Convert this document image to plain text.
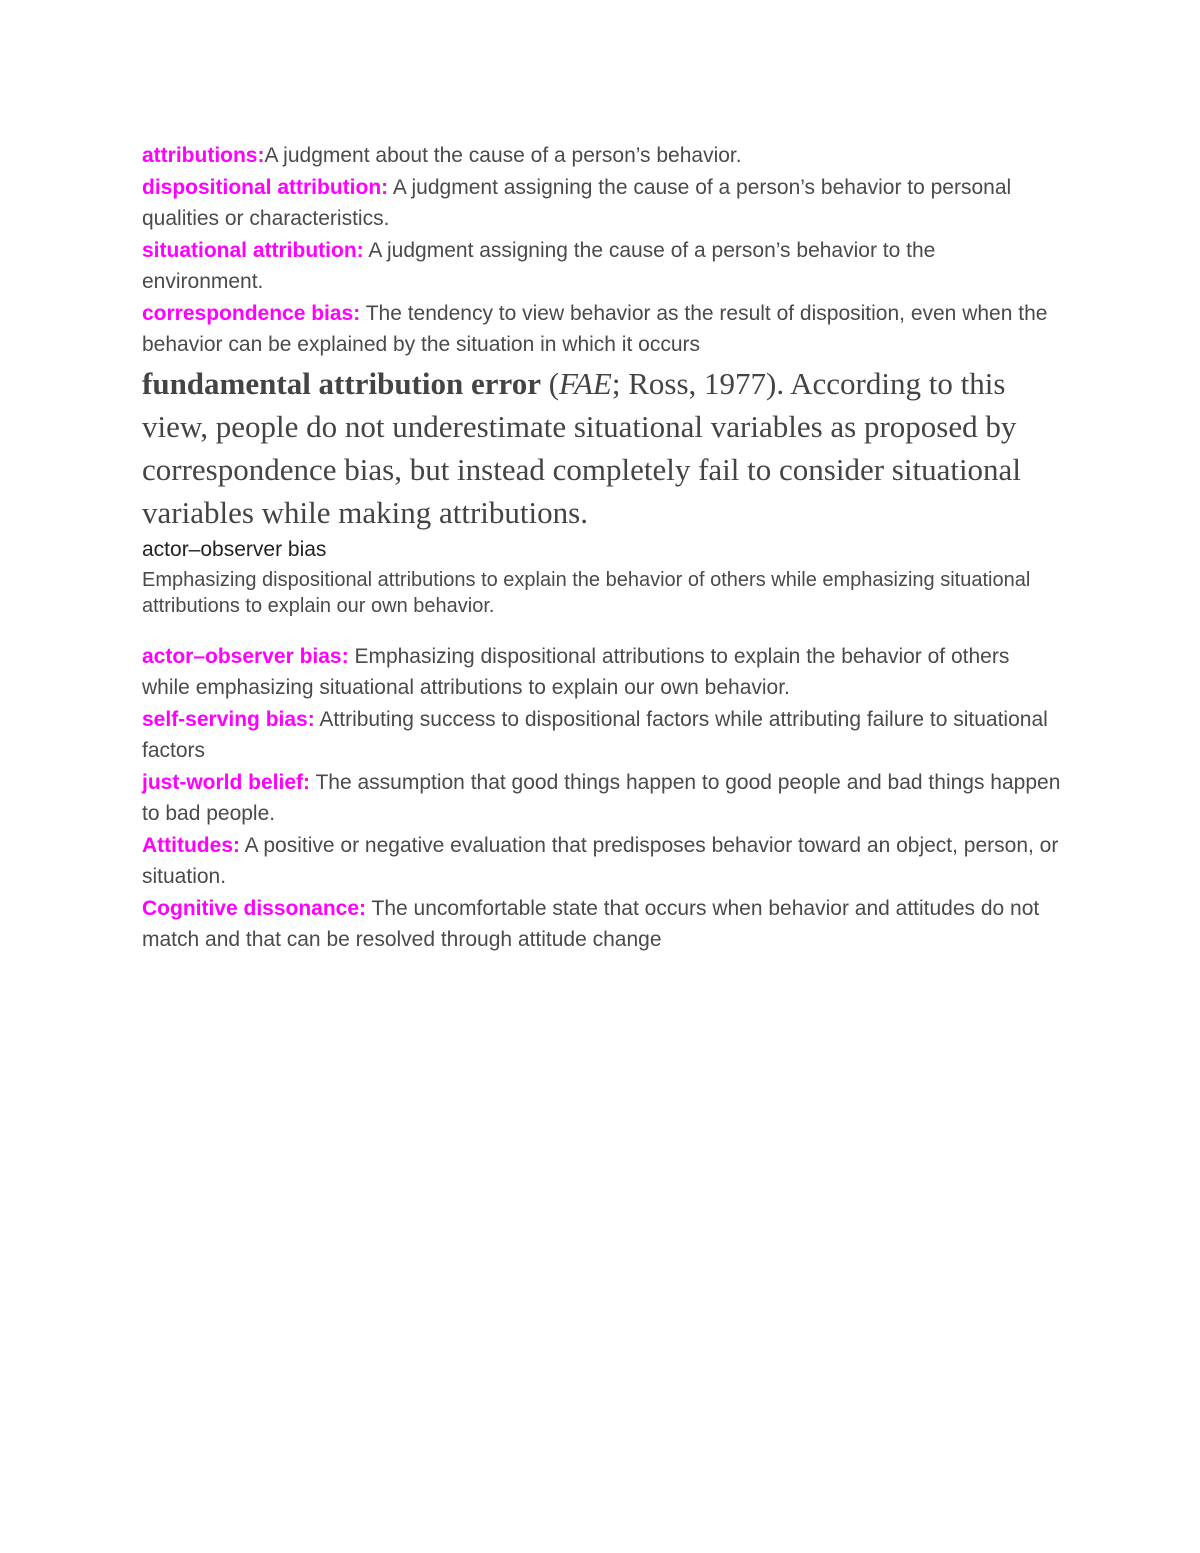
attributions:A judgment about the cause of a person’s behavior.

dispositional attribution: A judgment assigning the cause of a person’s behavior to personal qualities or characteristics.

situational attribution: A judgment assigning the cause of a person’s behavior to the environment.

correspondence bias: The tendency to view behavior as the result of disposition, even when the behavior can be explained by the situation in which it occurs

fundamental attribution error (FAE; Ross, 1977). According to this view, people do not underestimate situational variables as proposed by correspondence bias, but instead completely fail to consider situational variables while making attributions.

actor–observer bias

Emphasizing dispositional attributions to explain the behavior of others while emphasizing situational attributions to explain our own behavior.

actor–observer bias: Emphasizing dispositional attributions to explain the behavior of others while emphasizing situational attributions to explain our own behavior.

self-serving bias: Attributing success to dispositional factors while attributing failure to situational factors

just-world belief: The assumption that good things happen to good people and bad things happen to bad people.

Attitudes: A positive or negative evaluation that predisposes behavior toward an object, person, or situation.

Cognitive dissonance: The uncomfortable state that occurs when behavior and attitudes do not match and that can be resolved through attitude change
